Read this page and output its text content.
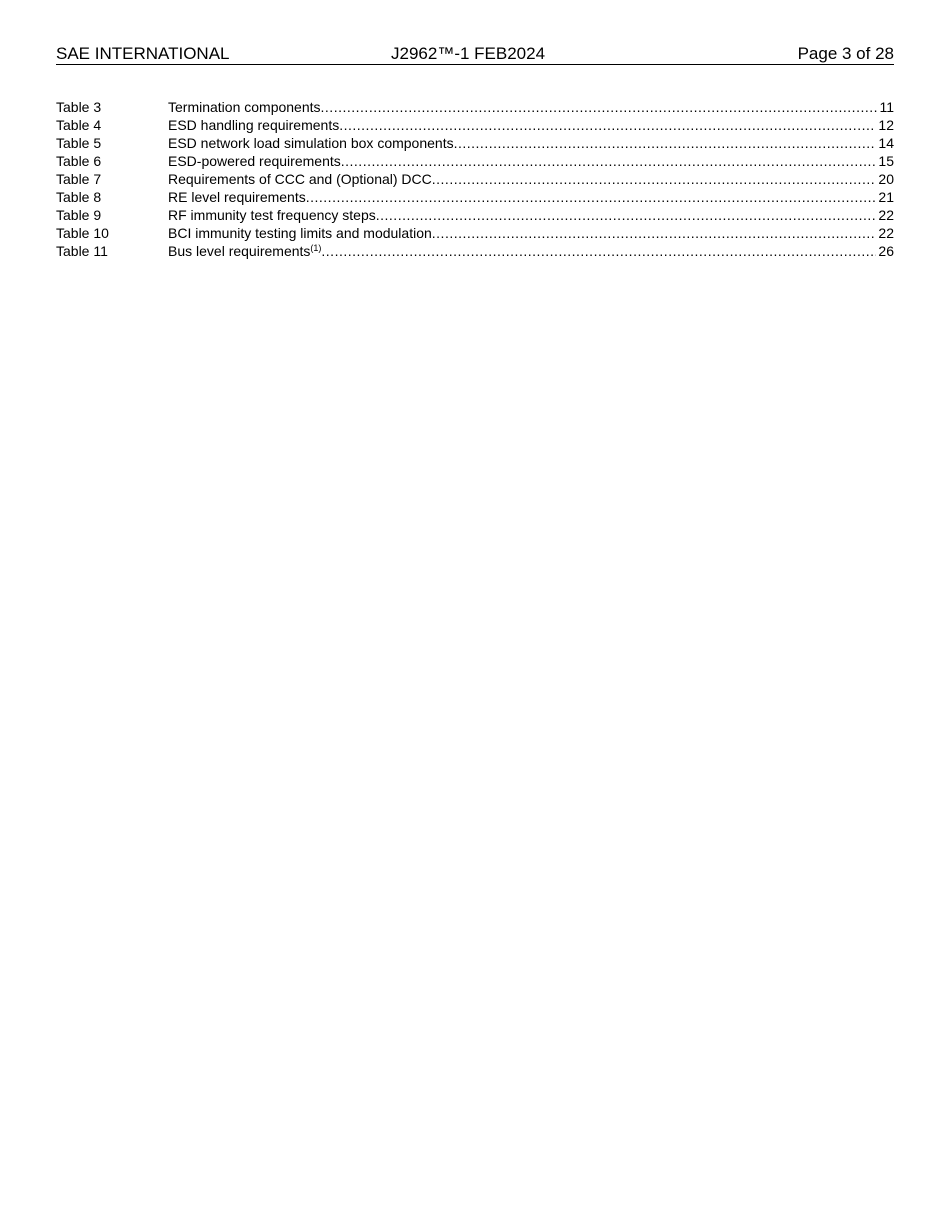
SAE INTERNATIONAL	J2962™-1 FEB2024	Page 3 of 28
Table 3	Termination components .....	11
Table 4	ESD handling requirements .....	12
Table 5	ESD network load simulation box components .....	14
Table 6	ESD-powered requirements .....	15
Table 7	Requirements of CCC and (Optional) DCC .....	20
Table 8	RE level requirements .....	21
Table 9	RF immunity test frequency steps .....	22
Table 10	BCI immunity testing limits and modulation .....	22
Table 11	Bus level requirements$^{(1)}$ .....	26
